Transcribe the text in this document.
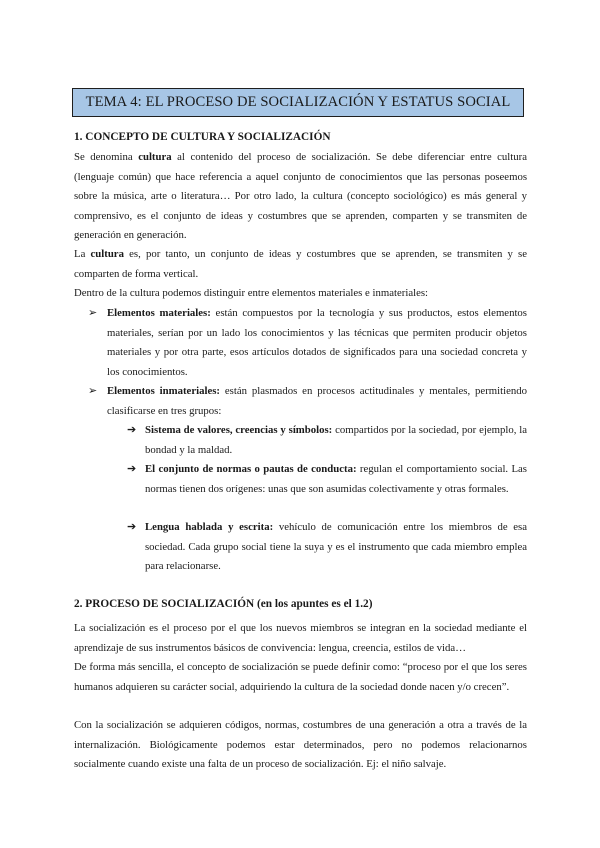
TEMA 4: EL PROCESO DE SOCIALIZACIÓN Y ESTATUS SOCIAL
1. CONCEPTO DE CULTURA Y SOCIALIZACIÓN
Se denomina cultura al contenido del proceso de socialización. Se debe diferenciar entre cultura (lenguaje común) que hace referencia a aquel conjunto de conocimientos que las personas poseemos sobre la música, arte o literatura… Por otro lado, la cultura (concepto sociológico) es más general y comprensivo, es el conjunto de ideas y costumbres que se aprenden, comparten y se transmiten de generación en generación.
La cultura es, por tanto, un conjunto de ideas y costumbres que se aprenden, se transmiten y se comparten de forma vertical.
Dentro de la cultura podemos distinguir entre elementos materiales e inmateriales:
➢ Elementos materiales: están compuestos por la tecnología y sus productos, estos elementos materiales, serían por un lado los conocimientos y las técnicas que permiten producir objetos materiales y por otra parte, esos artículos dotados de significados para una sociedad concreta y los conocimientos.
➢ Elementos inmateriales: están plasmados en procesos actitudinales y mentales, permitiendo clasificarse en tres grupos:
➔ Sistema de valores, creencias y símbolos: compartidos por la sociedad, por ejemplo, la bondad y la maldad.
➔ El conjunto de normas o pautas de conducta: regulan el comportamiento social. Las normas tienen dos orígenes: unas que son asumidas colectivamente y otras formales.
➔ Lengua hablada y escrita: vehículo de comunicación entre los miembros de esa sociedad. Cada grupo social tiene la suya y es el instrumento que cada miembro emplea para relacionarse.
2. PROCESO DE SOCIALIZACIÓN (en los apuntes es el 1.2)
La socialización es el proceso por el que los nuevos miembros se integran en la sociedad mediante el aprendizaje de sus instrumentos básicos de convivencia: lengua, creencia, estilos de vida…
De forma más sencilla, el concepto de socialización se puede definir como: “proceso por el que los seres humanos adquieren su carácter social, adquiriendo la cultura de la sociedad donde nacen y/o crecen”.
Con la socialización se adquieren códigos, normas, costumbres de una generación a otra a través de la internalización. Biológicamente podemos estar determinados, pero no podemos relacionarnos socialmente cuando existe una falta de un proceso de socialización. Ej: el niño salvaje.
